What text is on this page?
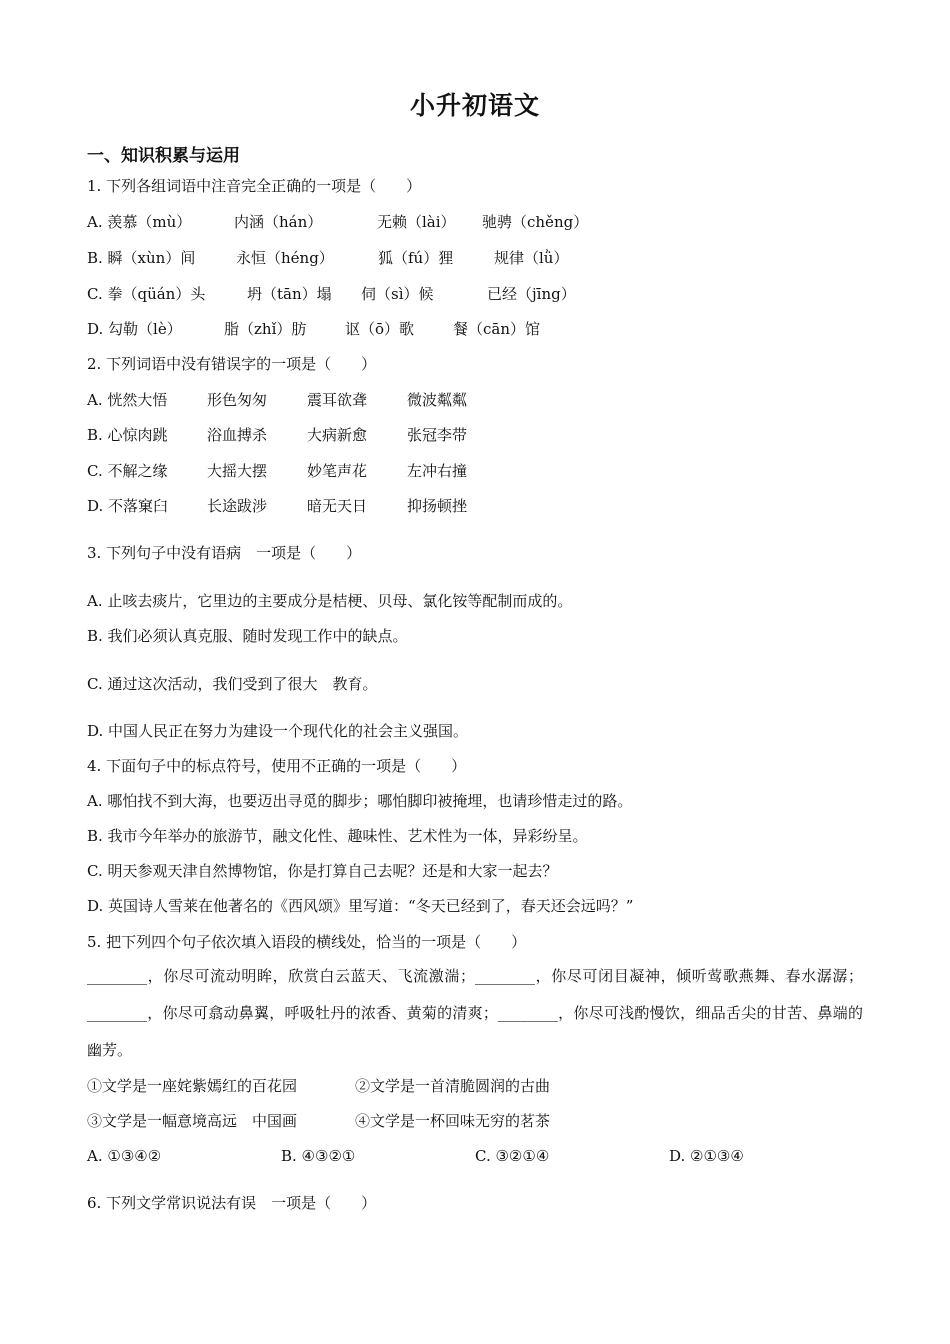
小升初语文
一、知识积累与运用
1. 下列各组词语中注音完全正确的一项是（　　）
A. 羡慕（mù）	内涵（hán）	无赖（lài）	驰骋（chěng）
B. 瞬（xùn）间	永恒（héng）	狐（fú）狸	规律（lǜ）
C. 拳（qüán）头	坍（tān）塌	伺（sì）候	已经（jīng）
D. 勾勒（lè）	脂（zhǐ）肪	讴（ō）歌	餐（cān）馆
2. 下列词语中没有错误字的一项是（　　）
A. 恍然大悟	形色匆匆	震耳欲聋	微波粼粼
B. 心惊肉跳	浴血搏杀	大病新愈	张冠李带
C. 不解之缘	大摇大摆	妙笔声花	左冲右撞
D. 不落窠臼	长途跋涉	暗无天日	抑扬顿挫
3. 下列句子中没有语病　一项是（　　）
A. 止咳去痰片，它里边的主要成分是桔梗、贝母、氯化铵等配制而成的。
B. 我们必须认真克服、随时发现工作中的缺点。
C. 通过这次活动，我们受到了很大　教育。
D. 中国人民正在努力为建设一个现代化的社会主义强国。
4. 下面句子中的标点符号，使用不正确的一项是（　　）
A. 哪怕找不到大海，也要迈出寻觅的脚步；哪怕脚印被掩埋，也请珍惜走过的路。
B. 我市今年举办的旅游节，融文化性、趣味性、艺术性为一体，异彩纷呈。
C. 明天参观天津自然博物馆，你是打算自己去呢？还是和大家一起去？
D. 英国诗人雪莱在他著名的《西风颂》里写道：“冬天已经到了，春天还会远吗？”
5. 把下列四个句子依次填入语段的横线处，恰当的一项是（　　）
________，你尽可流动明眸，欣赏白云蓝天、飞流激湍；________，你尽可闭目凝神，倾听莺歌燕舞、春水潺潺；________，你尽可翕动鼻翼，呼吸牡丹的浓香、黄菊的清爽；________，你尽可浅酌慢饮，细品舌尖的甘苦、鼻端的幽芳。
①文学是一座姹紫嫣红的百花园	②文学是一首清脆圆润的古曲
③文学是一幅意境高远　中国画	④文学是一杯回味无穷的茗茶
A. ①③④②	B. ④③②①	C. ③②①④	D. ②①③④
6. 下列文学常识说法有误　一项是（　　）
